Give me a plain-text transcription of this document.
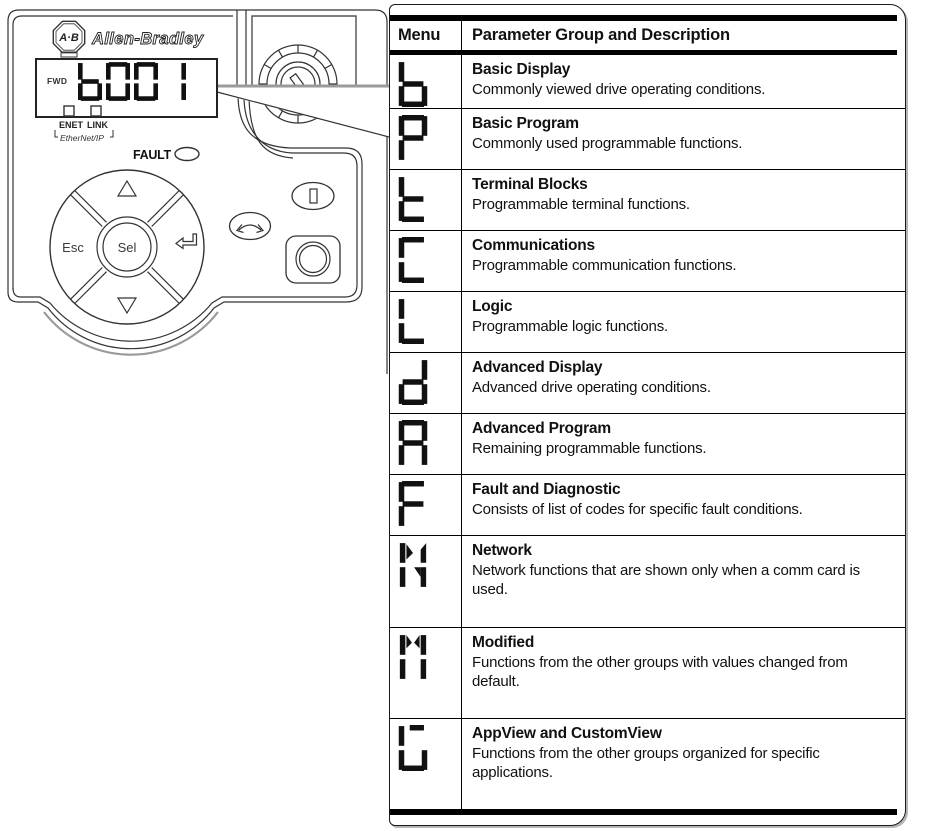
A·B Allen-Bradley
FWD
ENET LINK
EtherNet/IP
FAULT
Esc	Sel
Menu	Parameter Group and Description
Basic Display
Commonly viewed drive operating conditions.
Basic Program
Commonly used programmable functions.
Terminal Blocks
Programmable terminal functions.
Communications
Programmable communication functions.
Logic
Programmable logic functions.
Advanced Display
Advanced drive operating conditions.
Advanced Program
Remaining programmable functions.
Fault and Diagnostic
Consists of list of codes for specific fault conditions.
Network
Network functions that are shown only when a comm card is used.
Modified
Functions from the other groups with values changed from default.
AppView and CustomView
Functions from the other groups organized for specific applications.
